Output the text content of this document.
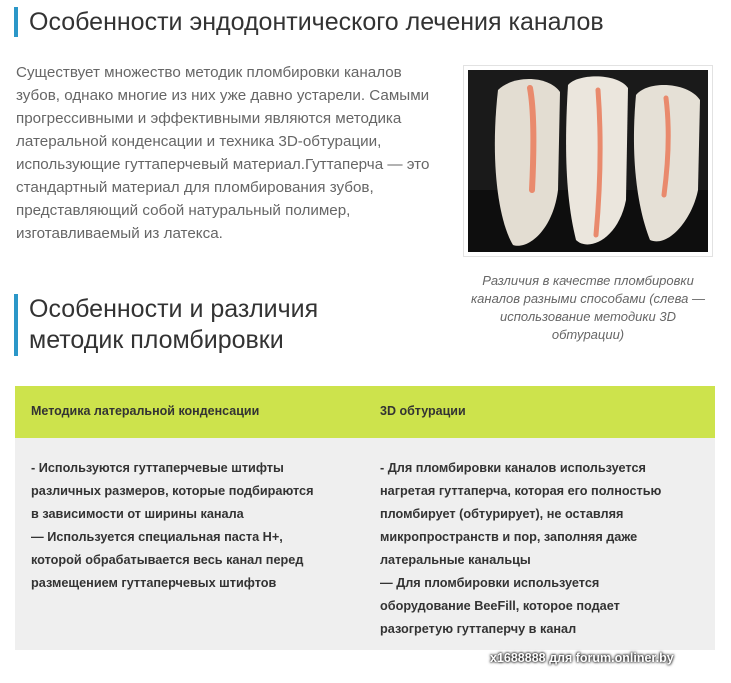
Особенности эндодонтического лечения каналов

Существует множество методик пломбировки каналов зубов, однако многие из них уже давно устарели. Самыми прогрессивными и эффективными являются методика латеральной конденсации и техника 3D-обтурации, использующие гуттаперчевый материал.Гуттаперча — это стандартный материал для пломбирования зубов, представляющий собой натуральный полимер, изготавливаемый из латекса.

Различия в качестве пломбировки каналов разными способами (слева — использование методики 3D обтурации)

Особенности и различия методик пломбировки
Методика латеральной конденсации	3D обтурации
- Используются гуттаперчевые штифты
различных размеров, которые подбираются
в зависимости от ширины канала
— Используется специальная паста Н+,
которой обрабатывается весь канал перед
размещением гуттаперчевых штифтов
- Для пломбировки каналов используется
нагретая гуттаперча, которая его полностью
пломбирует (обтурирует), не оставляя
микропространств и пор, заполняя даже
латеральные канальцы
— Для пломбировки используется
оборудование BeeFill, которое подает
разогретую гуттаперчу в канал
x1688888 для forum.onliner.by
